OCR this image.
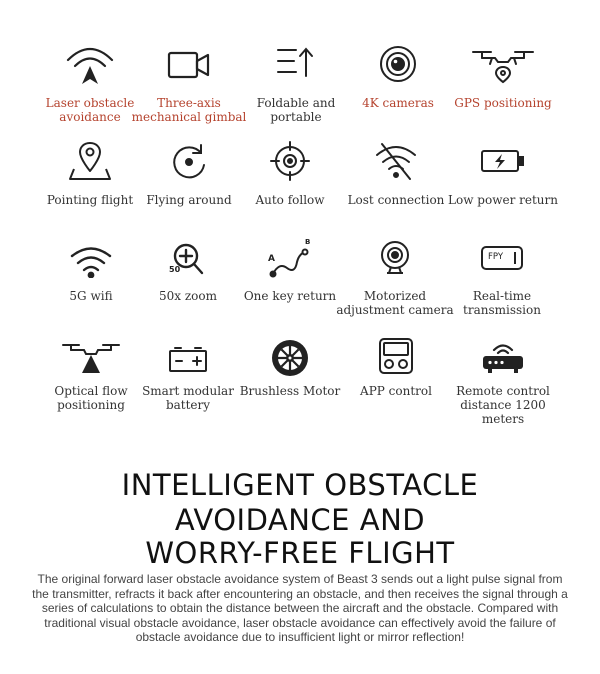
Laser obstacle
avoidance
Three-axis
mechanical gimbal
Foldable and
portable
4K cameras	GPS positioning
Pointing flight	Flying around	Auto follow	Lost connection Low power return
5G wifi
50
50x zoom
A
B
One key return	Motorized
adjustment camera
FPY
Real-time
transmission
Optical flow
positioning
Smart modular
battery
Brushless Motor	APP control	Remote control
distance 1200 meters
INTELLIGENT OBSTACLE
AVOIDANCE AND
WORRY-FREE FLIGHT
The original forward laser obstacle avoidance system of Beast 3 sends out a light pulse signal from the transmitter, refracts it back after encountering an obstacle, and then receives the signal through a series of calculations to obtain the distance between the aircraft and the obstacle. Compared with traditional visual obstacle avoidance, laser obstacle avoidance can effectively avoid the failure of obstacle avoidance due to insufficient light or mirror reflection!
